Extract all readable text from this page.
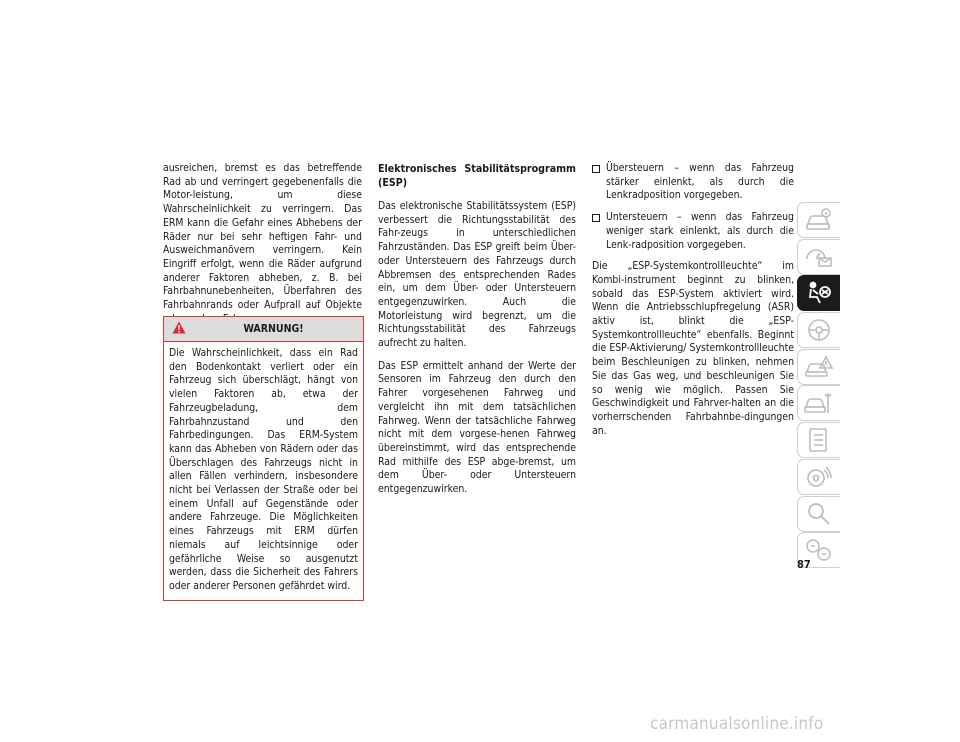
ausreichen, bremst es das betreffende Rad ab und verringert gegebenenfalls die Motor-leistung, um diese Wahrscheinlichkeit zu verringern. Das ERM kann die Gefahr eines Abhebens der Räder nur bei sehr heftigen Fahr- und Ausweichmanövern verringern. Kein Eingriff erfolgt, wenn die Räder aufgrund anderer Faktoren abheben, z. B. bei Fahrbahnunebenheiten, Überfahren des Fahrbahnrands oder Aufprall auf Objekte

WARNUNG!
Die Wahrscheinlichkeit, dass ein Rad den Bodenkontakt verliert oder ein Fahrzeug sich überschlägt, hängt von vielen Faktoren ab, etwa der Fahrzeugbeladung, dem Fahrbahnzustand und den Fahrbedingungen. Das ERM-System kann das Abheben von Rädern oder das Überschlagen des Fahrzeugs nicht in allen Fällen verhindern, insbesondere nicht bei Verlassen der Straße oder bei einem Unfall auf Gegenstände oder andere Fahrzeuge. Die Möglichkeiten eines Fahrzeugs mit ERM dürfen niemals auf leichtsinnige oder gefährliche Weise so ausgenutzt werden, dass die Sicherheit des Fahrers oder anderer Personen gefährdet wird.
Elektronisches Stabilitätsprogramm (ESP)

Das elektronische Stabilitätssystem (ESP) verbessert die Richtungsstabilität des Fahr-zeugs in unterschiedlichen Fahrzuständen. Das ESP greift beim Über- oder Untersteuern des Fahrzeugs durch Abbremsen des entsprechenden Rades ein, um dem Über- oder Untersteuern entgegenzuwirken. Auch die Motorleistung wird begrenzt, um die Richtungsstabilität des Fahrzeugs aufrecht zu halten.

Das ESP ermittelt anhand der Werte der Sensoren im Fahrzeug den durch den Fahrer vorgesehenen Fahrweg und vergleicht ihn mit dem tatsächlichen Fahrweg. Wenn der tatsächliche Fahrweg nicht mit dem vorgese-henen Fahrweg übereinstimmt, wird das entsprechende Rad mithilfe des ESP abge-bremst, um dem Über- oder Untersteuern entgegenzuwirken.

Übersteuern – wenn das Fahrzeug stärker einlenkt, als durch die Lenkradposition vorgegeben.
Untersteuern – wenn das Fahrzeug weniger stark einlenkt, als durch die Lenk-radposition vorgegeben.

Die „ESP-Systemkontrollleuchte“ im Kombi-instrument beginnt zu blinken, sobald das ESP-System aktiviert wird. Wenn die Antriebsschlupfregelung (ASR) aktiv ist, blinkt die „ESP-Systemkontrollleuchte“ ebenfalls. Beginnt die ESP-Aktivierung/ Systemkontrollleuchte beim Beschleunigen zu blinken, nehmen Sie das Gas weg, und beschleunigen Sie so wenig wie möglich. Passen Sie Geschwindigkeit und Fahrver-halten an die vorherrschenden Fahrbahnbe-dingungen an.

87
carmanualsonline.info
